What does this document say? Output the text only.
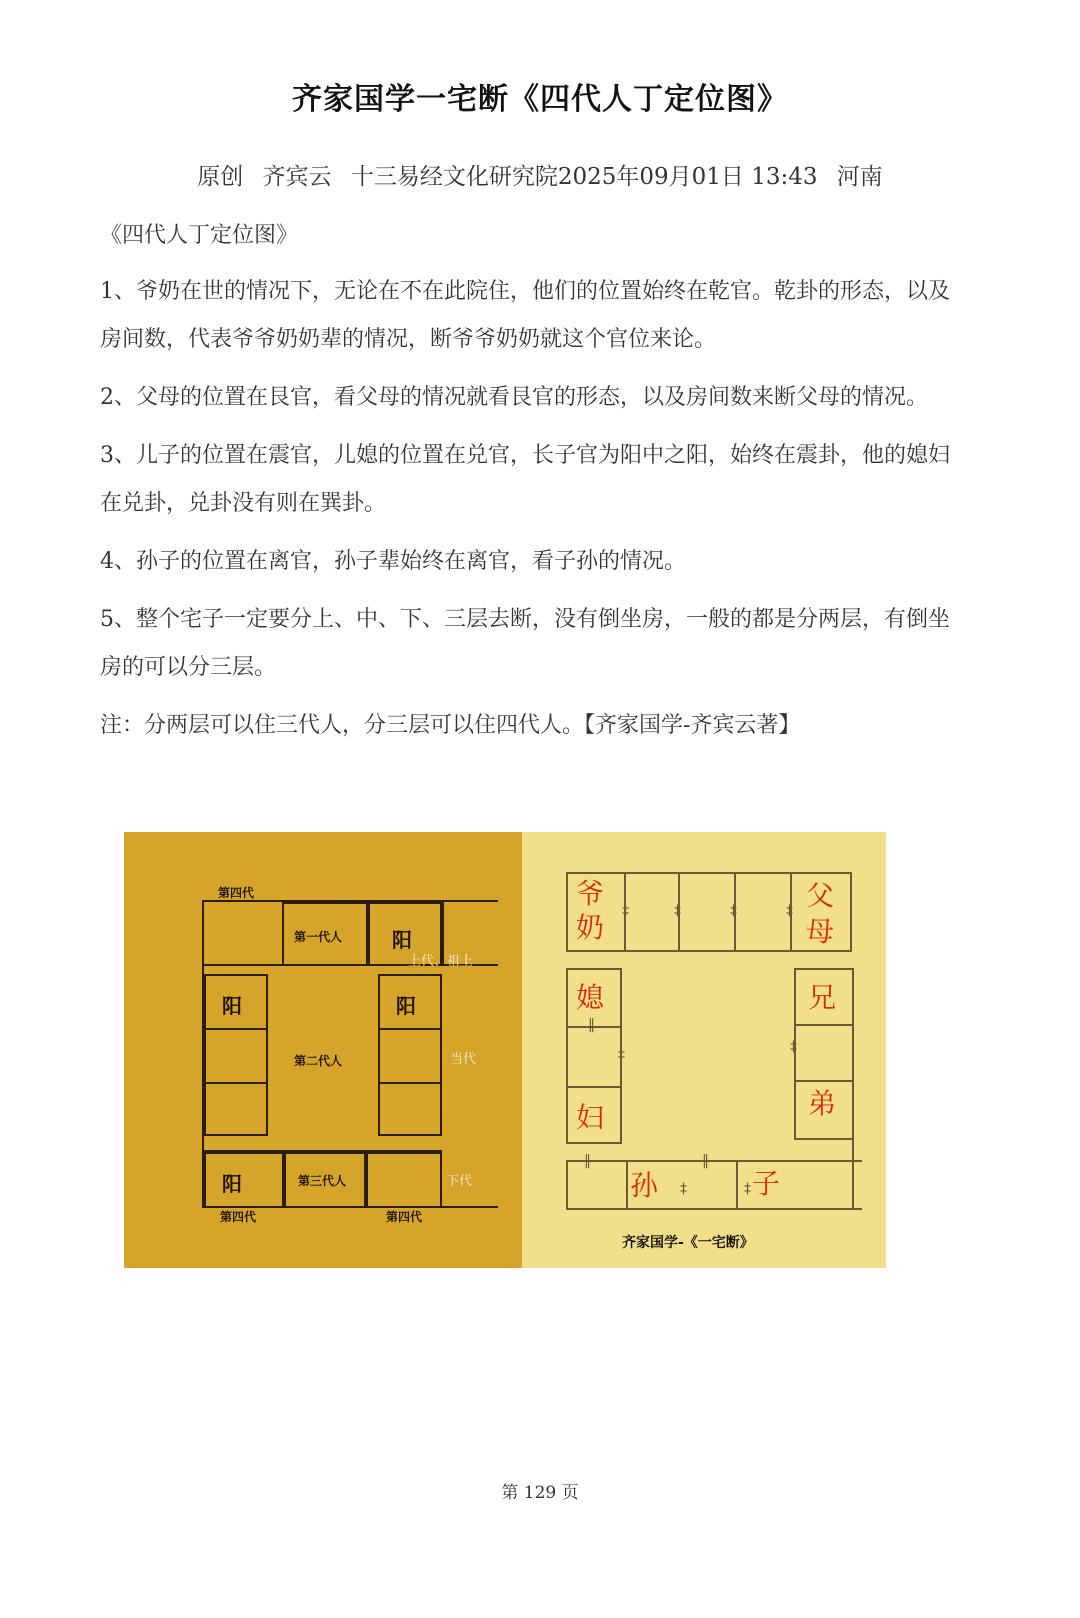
齐家国学一宅断《四代人丁定位图》
原创 齐宾云 十三易经文化研究院2025年09月01日 13:43 河南

《四代人丁定位图》

1、爷奶在世的情况下，无论在不在此院住，他们的位置始终在乾官。乾卦的形态，以及房间数，代表爷爷奶奶辈的情况，断爷爷奶奶就这个官位来论。

2、父母的位置在艮官，看父母的情况就看艮官的形态，以及房间数来断父母的情况。

3、儿子的位置在震官，儿媳的位置在兑官，长子官为阳中之阳，始终在震卦，他的媳妇在兑卦，兑卦没有则在巽卦。

4、孙子的位置在离官，孙子辈始终在离官，看子孙的情况。

5、整个宅子一定要分上、中、下、三层去断，没有倒坐房，一般的都是分两层，有倒坐房的可以分三层。

注：分两层可以住三代人，分三层可以住四代人。【齐家国学-齐宾云著】

第四代
第一代人 阳
上代、祖上
阳
第二代人
阳
当代
阳	第三代人	下代
第四代	第四代
‡	‡	‡	‡
‖
‡	‡
‖	‖
‡	‡
爷
奶
父
母
媳
妇
兄
弟
孙	子
齐家国学-《一宅断》
第 129 页
